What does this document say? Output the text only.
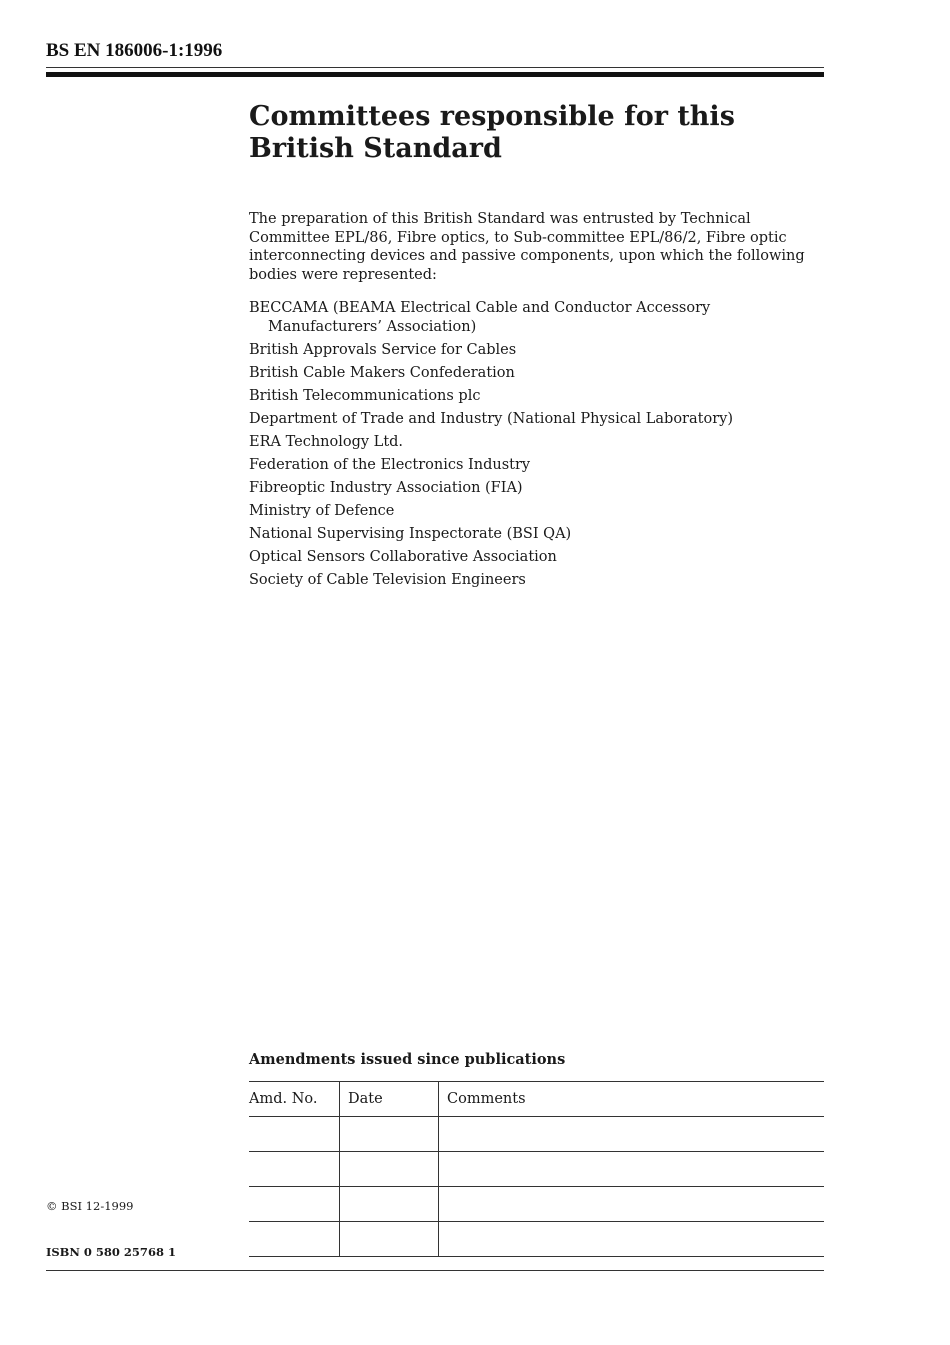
BS EN 186006-1:1996
Committees responsible for this
British Standard

The preparation of this British Standard was entrusted by Technical
Committee EPL/86, Fibre optics, to Sub-committee EPL/86/2, Fibre optic
interconnecting devices and passive components, upon which the following
bodies were represented:

BECCAMA (BEAMA Electrical Cable and Conductor Accessory
Manufacturers’ Association)
British Approvals Service for Cables
British Cable Makers Confederation
British Telecommunications plc
Department of Trade and Industry (National Physical Laboratory)
ERA Technology Ltd.
Federation of the Electronics Industry
Fibreoptic Industry Association (FIA)
Ministry of Defence
National Supervising Inspectorate (BSI QA)
Optical Sensors Collaborative Association
Society of Cable Television Engineers
Amendments issued since publications
Amd. No.	Date	Comments

© BSI 12-1999
ISBN 0 580 25768 1
